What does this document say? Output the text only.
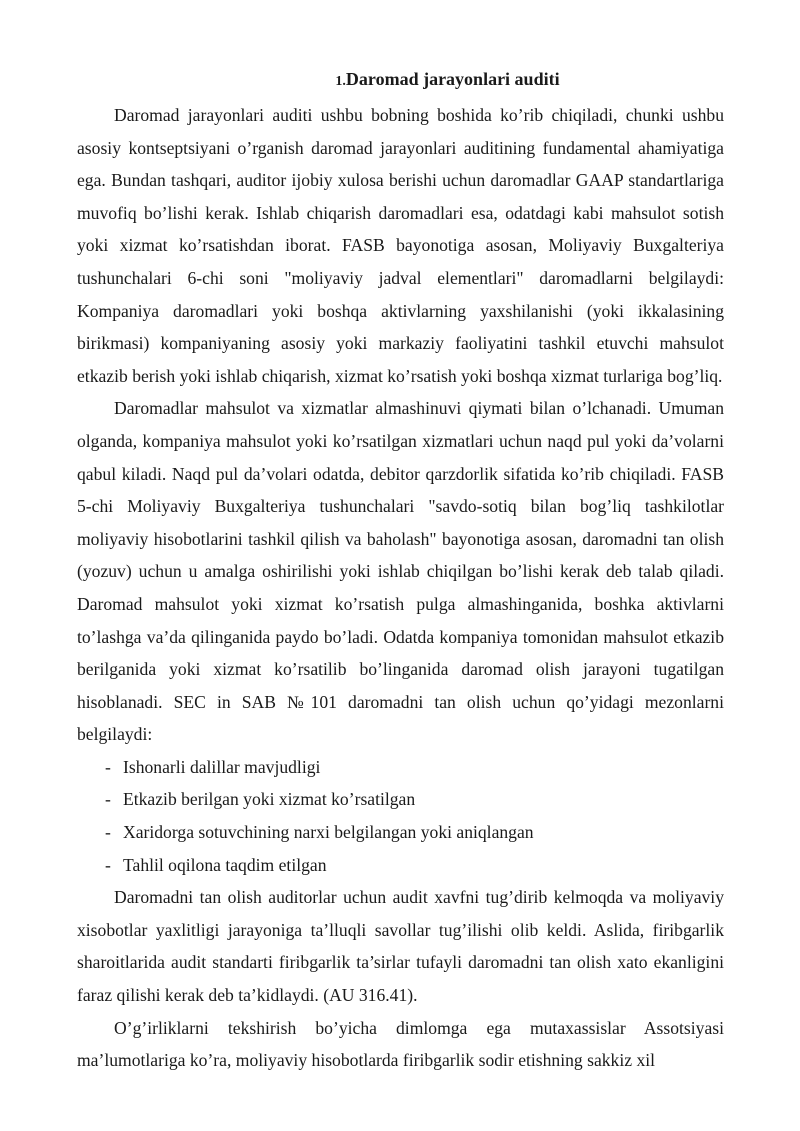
1.Daromad jarayonlari auditi

Daromad jarayonlari auditi ushbu bobning boshida ko’rib chiqiladi, chunki ushbu asosiy kontseptsiyani o’rganish daromad jarayonlari auditining fundamental ahamiyatiga ega. Bundan tashqari, auditor ijobiy xulosa berishi uchun daromadlar GAAP standartlariga muvofiq bo’lishi kerak. Ishlab chiqarish daromadlari esa, odatdagi kabi mahsulot sotish yoki xizmat ko’rsatishdan iborat. FASB bayonotiga asosan, Moliyaviy Buxgalteriya tushunchalari 6-chi soni "moliyaviy jadval elementlari" daromadlarni belgilaydi: Kompaniya daromadlari yoki boshqa aktivlarning yaxshilanishi (yoki ikkalasining birikmasi) kompaniyaning asosiy yoki markaziy faoliyatini tashkil etuvchi mahsulot etkazib berish yoki ishlab chiqarish, xizmat ko’rsatish yoki boshqa xizmat turlariga bog’liq.

Daromadlar mahsulot va xizmatlar almashinuvi qiymati bilan o’lchanadi. Umuman olganda, kompaniya mahsulot yoki ko’rsatilgan xizmatlari uchun naqd pul yoki da’volarni qabul kiladi. Naqd pul da’volari odatda, debitor qarzdorlik sifatida ko’rib chiqiladi. FASB 5-chi Moliyaviy Buxgalteriya tushunchalari "savdo-sotiq bilan bog’liq tashkilotlar moliyaviy hisobotlarini tashkil qilish va baholash" bayonotiga asosan, daromadni tan olish (yozuv) uchun u amalga oshirilishi yoki ishlab chiqilgan bo’lishi kerak deb talab qiladi. Daromad mahsulot yoki xizmat ko’rsatish pulga almashinganida, boshka aktivlarni to’lashga va’da qilinganida paydo bo’ladi. Odatda kompaniya tomonidan mahsulot etkazib berilganida yoki xizmat ko’rsatilib bo’linganida daromad olish jarayoni tugatilgan hisoblanadi. SEC in SAB №101 daromadni tan olish uchun qo’yidagi mezonlarni belgilaydi:

- Ishonarli dalillar mavjudligi
- Etkazib berilgan yoki xizmat ko’rsatilgan
- Xaridorga sotuvchining narxi belgilangan yoki aniqlangan
- Tahlil oqilona taqdim etilgan

Daromadni tan olish auditorlar uchun audit xavfni tug’dirib kelmoqda va moliyaviy xisobotlar yaxlitligi jarayoniga ta’lluqli savollar tug’ilishi olib keldi. Aslida, firibgarlik sharoitlarida audit standarti firibgarlik ta’sirlar tufayli daromadni tan olish xato ekanligini faraz qilishi kerak deb ta’kidlaydi. (AU 316.41).

O’g’irliklarni tekshirish bo’yicha dimlomga ega mutaxassislar Assotsiyasi ma’lumotlariga ko’ra, moliyaviy hisobotlarda firibgarlik sodir etishning sakkiz xil
